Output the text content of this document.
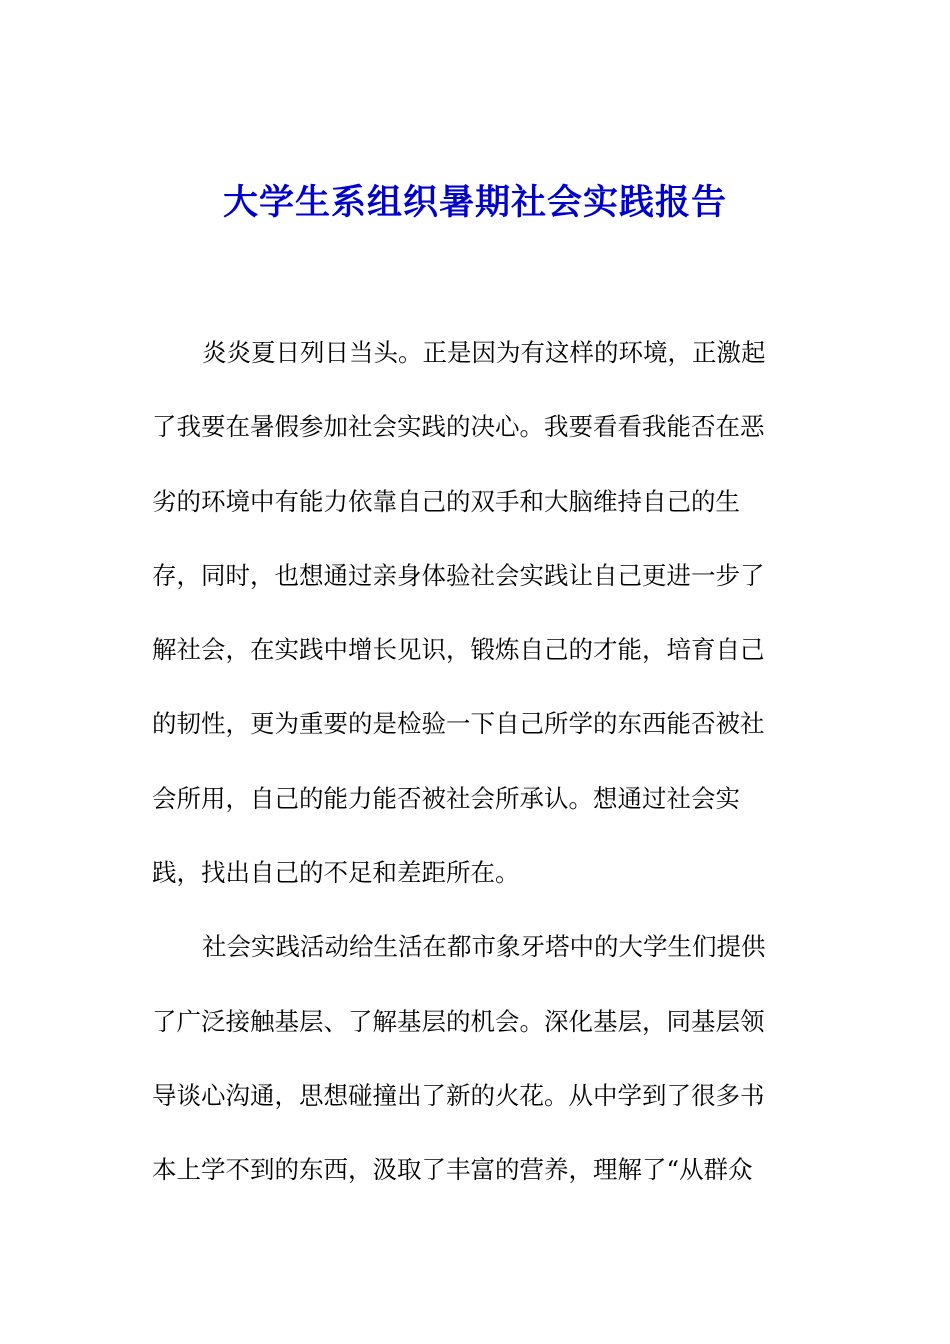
大学生系组织暑期社会实践报告
炎炎夏日列日当头。正是因为有这样的环境，正激起
了我要在暑假参加社会实践的决心。我要看看我能否在恶
劣的环境中有能力依靠自己的双手和大脑维持自己的生
存，同时，也想通过亲身体验社会实践让自己更进一步了
解社会，在实践中增长见识，锻炼自己的才能，培育自己
的韧性，更为重要的是检验一下自己所学的东西能否被社
会所用，自己的能力能否被社会所承认。想通过社会实
践，找出自己的不足和差距所在。
社会实践活动给生活在都市象牙塔中的大学生们提供
了广泛接触基层、了解基层的机会。深化基层，同基层领
导谈心沟通，思想碰撞出了新的火花。从中学到了很多书
本上学不到的东西，汲取了丰富的营养，理解了“从群众
